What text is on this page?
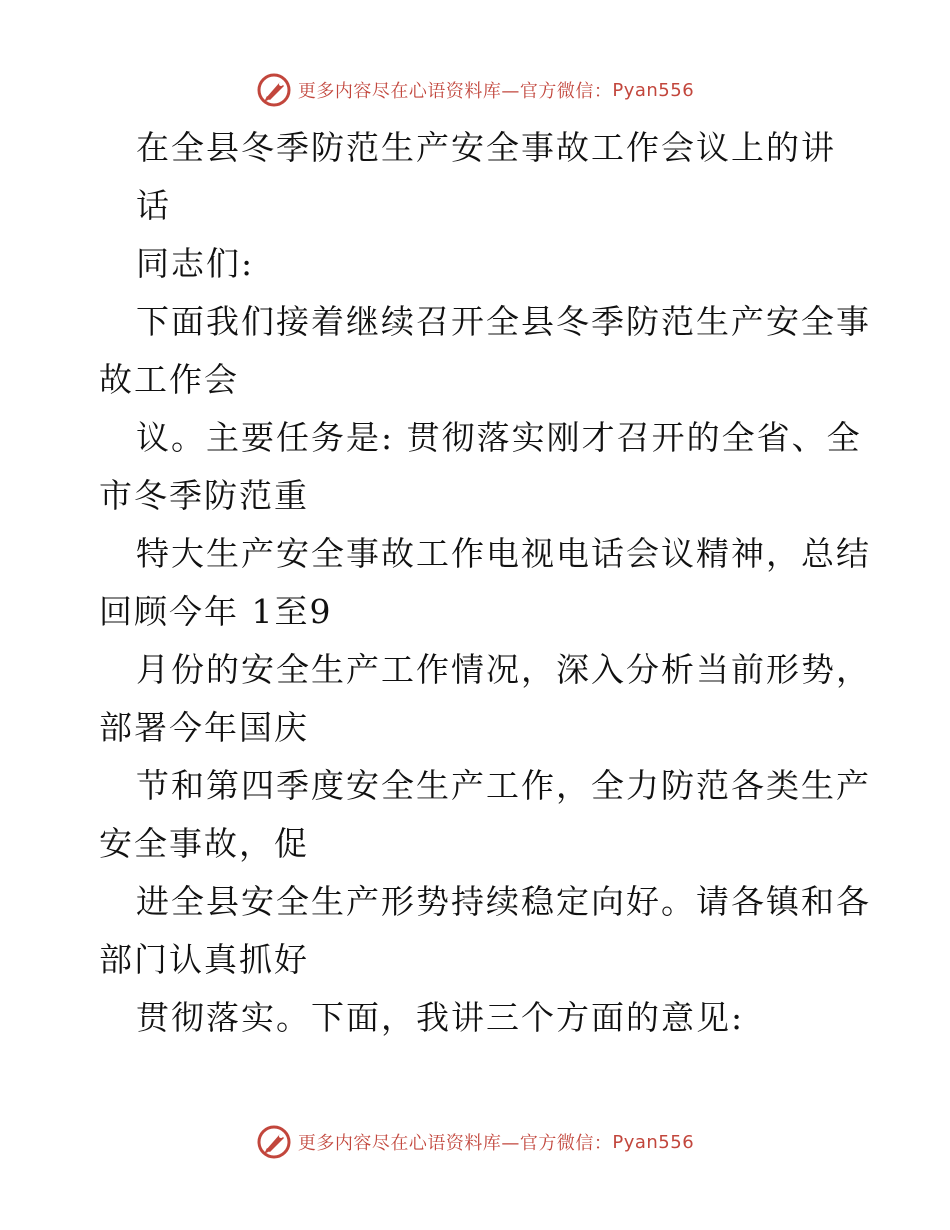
更多内容尽在心语资料库—官方微信： Pyan556
在全县冬季防范生产安全事故工作会议上的讲
话
同志们:
下面我们接着继续召开全县冬季防范生产安全事
故工作会
议。主要任务是: 贯彻落实刚才召开的全省、全
市冬季防范重
特大生产安全事故工作电视电话会议精神，总结
回顾今年 1至9
月份的安全生产工作情况，深入分析当前形势，
部署今年国庆
节和第四季度安全生产工作，全力防范各类生产
安全事故，促
进全县安全生产形势持续稳定向好。请各镇和各
部门认真抓好
贯彻落实。下面，我讲三个方面的意见:
更多内容尽在心语资料库—官方微信： Pyan556
